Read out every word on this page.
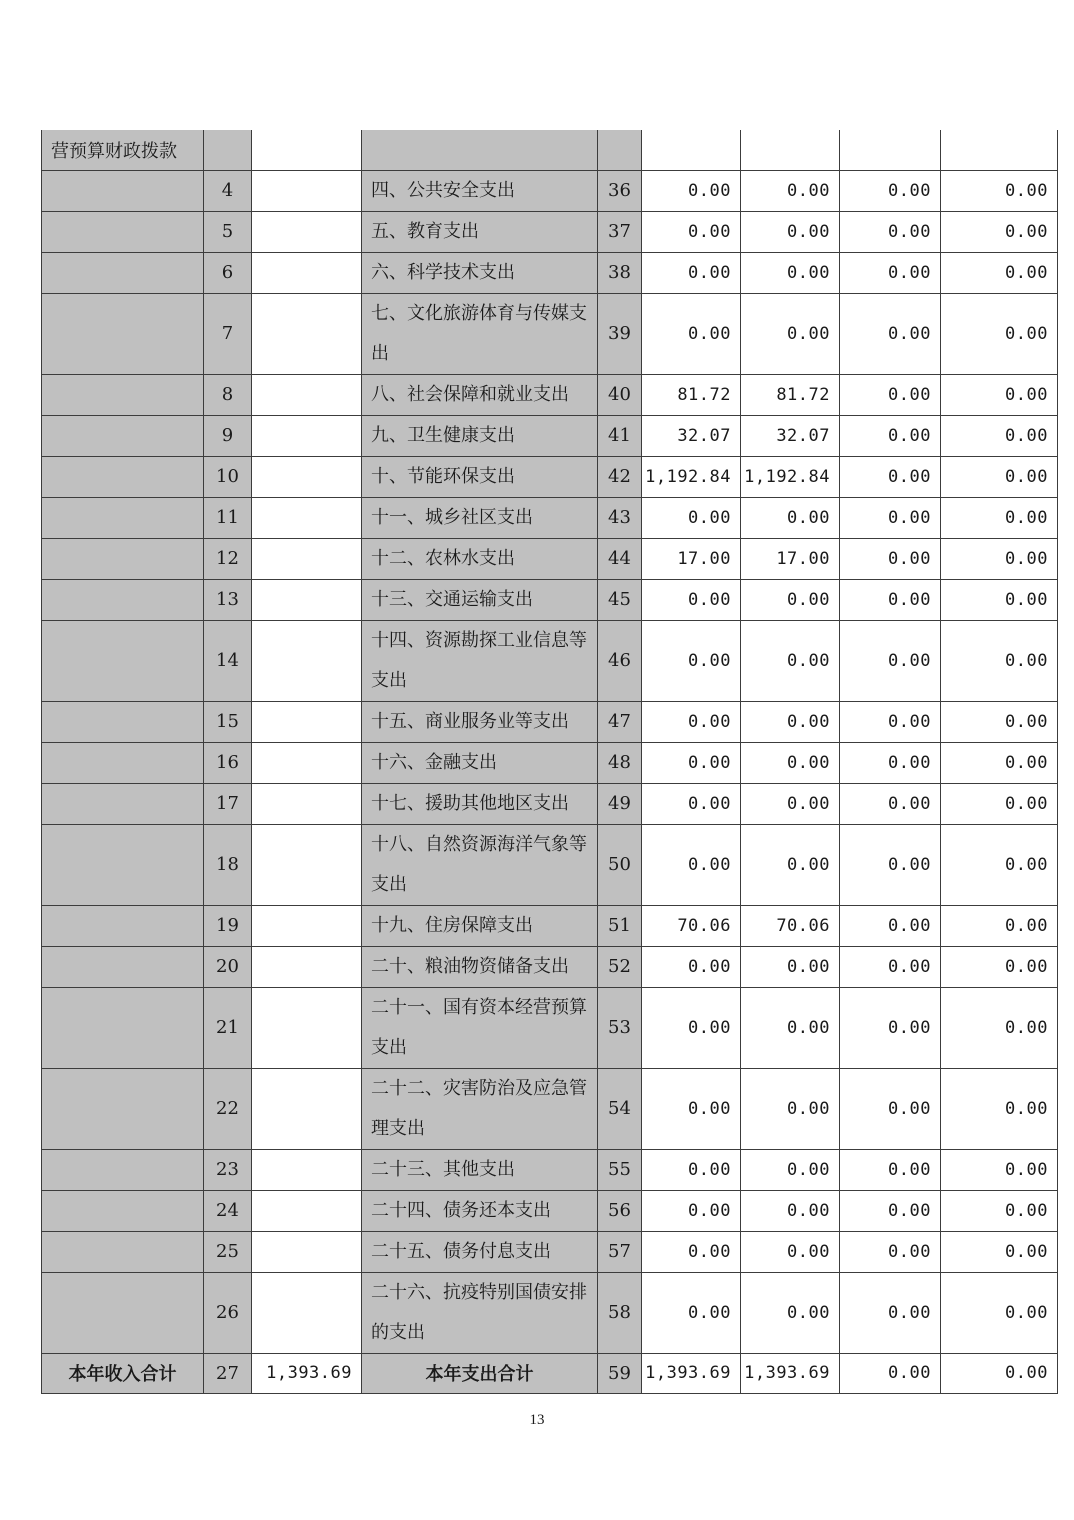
营预算财政拨款								
	4		四、公共安全支出	36	0.00	0.00	0.00	0.00
	5		五、教育支出	37	0.00	0.00	0.00	0.00
	6		六、科学技术支出	38	0.00	0.00	0.00	0.00
	7		七、文化旅游体育与传媒支出	39	0.00	0.00	0.00	0.00
	8		八、社会保障和就业支出	40	81.72	81.72	0.00	0.00
	9		九、卫生健康支出	41	32.07	32.07	0.00	0.00
	10		十、节能环保支出	42	1,192.84	1,192.84	0.00	0.00
	11		十一、城乡社区支出	43	0.00	0.00	0.00	0.00
	12		十二、农林水支出	44	17.00	17.00	0.00	0.00
	13		十三、交通运输支出	45	0.00	0.00	0.00	0.00
	14		十四、资源勘探工业信息等支出	46	0.00	0.00	0.00	0.00
	15		十五、商业服务业等支出	47	0.00	0.00	0.00	0.00
	16		十六、金融支出	48	0.00	0.00	0.00	0.00
	17		十七、援助其他地区支出	49	0.00	0.00	0.00	0.00
	18		十八、自然资源海洋气象等支出	50	0.00	0.00	0.00	0.00
	19		十九、住房保障支出	51	70.06	70.06	0.00	0.00
	20		二十、粮油物资储备支出	52	0.00	0.00	0.00	0.00
	21		二十一、国有资本经营预算支出	53	0.00	0.00	0.00	0.00
	22		二十二、灾害防治及应急管理支出	54	0.00	0.00	0.00	0.00
	23		二十三、其他支出	55	0.00	0.00	0.00	0.00
	24		二十四、债务还本支出	56	0.00	0.00	0.00	0.00
	25		二十五、债务付息支出	57	0.00	0.00	0.00	0.00
	26		二十六、抗疫特别国债安排的支出	58	0.00	0.00	0.00	0.00
本年收入合计	27	1,393.69	本年支出合计	59	1,393.69	1,393.69	0.00	0.00
13
